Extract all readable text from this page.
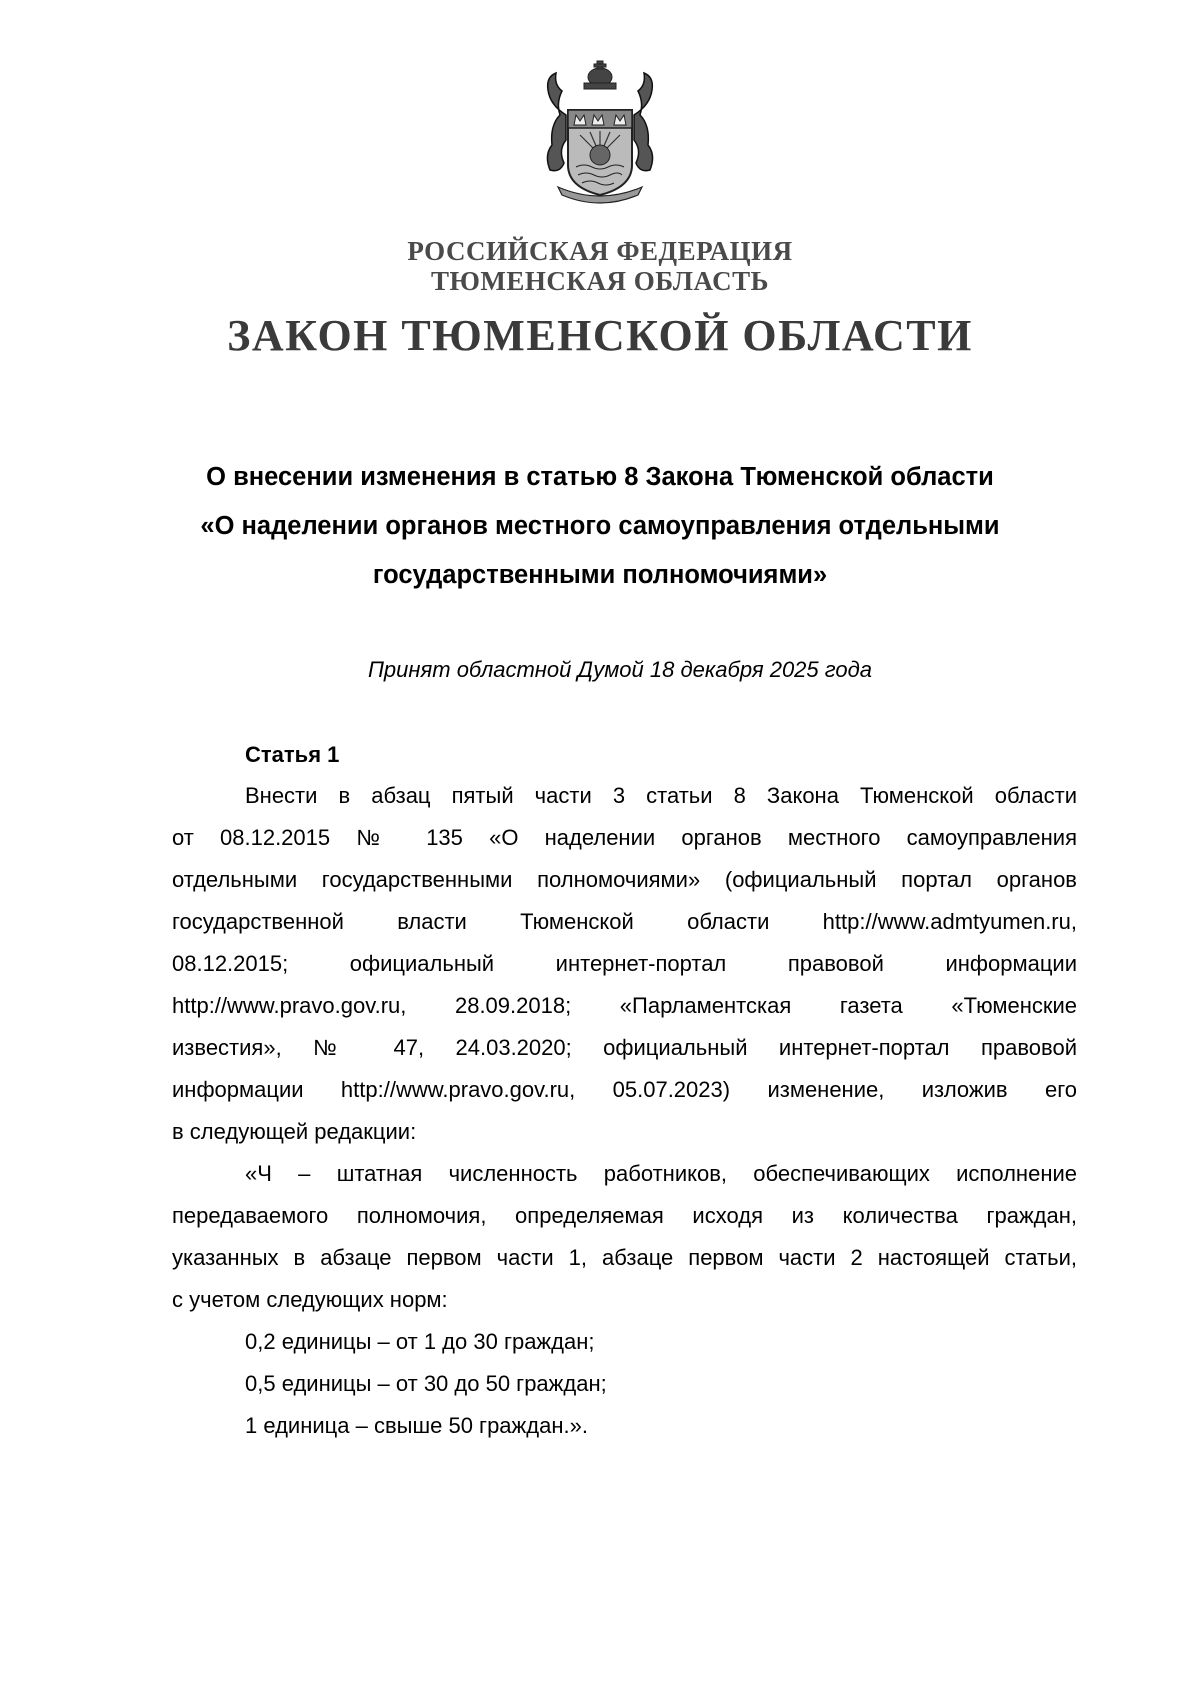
РОССИЙСКАЯ ФЕДЕРАЦИЯ
ТЮМЕНСКАЯ ОБЛАСТЬ
ЗАКОН ТЮМЕНСКОЙ ОБЛАСТИ
О внесении изменения в статью 8 Закона Тюменской области
«О наделении органов местного самоуправления отдельными
государственными полномочиями»
Принят областной Думой 18 декабря 2025 года
Статья 1
Внести в абзац пятый части 3 статьи 8 Закона Тюменской области
от 08.12.2015 № 135 «О наделении органов местного самоуправления
отдельными государственными полномочиями» (официальный портал органов
государственной власти Тюменской области http://www.admtyumen.ru,
08.12.2015; официальный интернет-портал правовой информации
http://www.pravo.gov.ru, 28.09.2018; «Парламентская газета «Тюменские
известия», № 47, 24.03.2020; официальный интернет-портал правовой
информации http://www.pravo.gov.ru, 05.07.2023) изменение, изложив его
в следующей редакции:
«Ч – штатная численность работников, обеспечивающих исполнение
передаваемого полномочия, определяемая исходя из количества граждан,
указанных в абзаце первом части 1, абзаце первом части 2 настоящей статьи,
с учетом следующих норм:
0,2 единицы – от 1 до 30 граждан;
0,5 единицы – от 30 до 50 граждан;
1 единица – свыше 50 граждан.».
